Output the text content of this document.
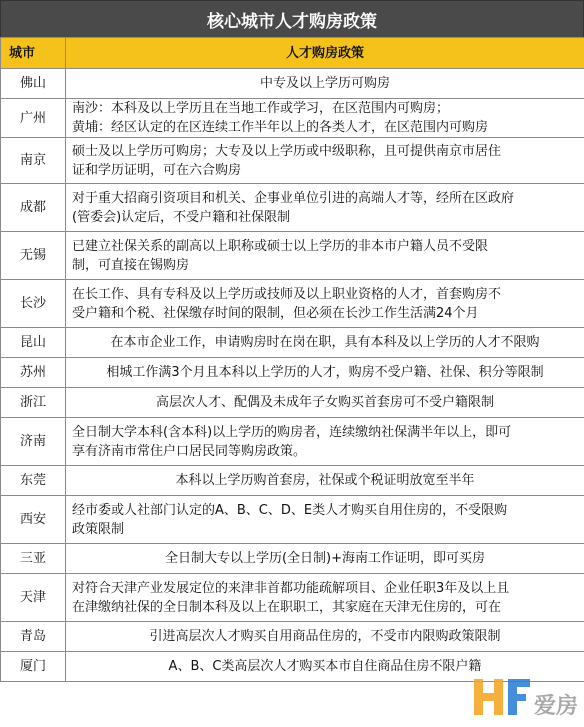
核心城市人才购房政策
城市	人才购房政策
佛山	中专及以上学历可购房

广州	南沙：本科及以上学历且在当地工作或学习，在区范围内可购房；
黄埔：经区认定的在区连续工作半年以上的各类人才，在区范围内可购房

南京	硕士及以上学历可购房；大专及以上学历或中级职称，且可提供南京市居住
证和学历证明，可在六合购房

成都	对于重大招商引资项目和机关、企事业单位引进的高端人才等，经所在区政府
(管委会)认定后，不受户籍和社保限制

无锡	已建立社保关系的副高以上职称或硕士以上学历的非本市户籍人员不受限
制，可直接在锡购房

长沙	在长工作、具有专科及以上学历或技师及以上职业资格的人才，首套购房不
受户籍和个税、社保缴存时间的限制，但必须在长沙工作生活满24个月

昆山	在本市企业工作，申请购房时在岗在职，具有本科及以上学历的人才不限购

苏州	相城工作满3个月且本科以上学历的人才，购房不受户籍、社保、积分等限制

浙江	高层次人才、配偶及未成年子女购买首套房可不受户籍限制

济南	全日制大学本科(含本科)以上学历的购房者，连续缴纳社保满半年以上，即可
享有济南市常住户口居民同等购房政策。

东莞	本科以上学历购首套房，社保或个税证明放宽至半年

西安	经市委或人社部门认定的A、B、C、D、E类人才购买自用住房的，不受限购
政策限制

三亚	全日制大专以上学历(全日制)+海南工作证明，即可买房

天津	对符合天津产业发展定位的来津非首都功能疏解项目、企业任职3年及以上且
在津缴纳社保的全日制本科及以上在职职工，其家庭在天津无住房的，可在

青岛	引进高层次人才购买自用商品住房的，不受市内限购政策限制

厦门	A、B、C类高层次人才购买本市自住商品住房不限户籍
爱房
